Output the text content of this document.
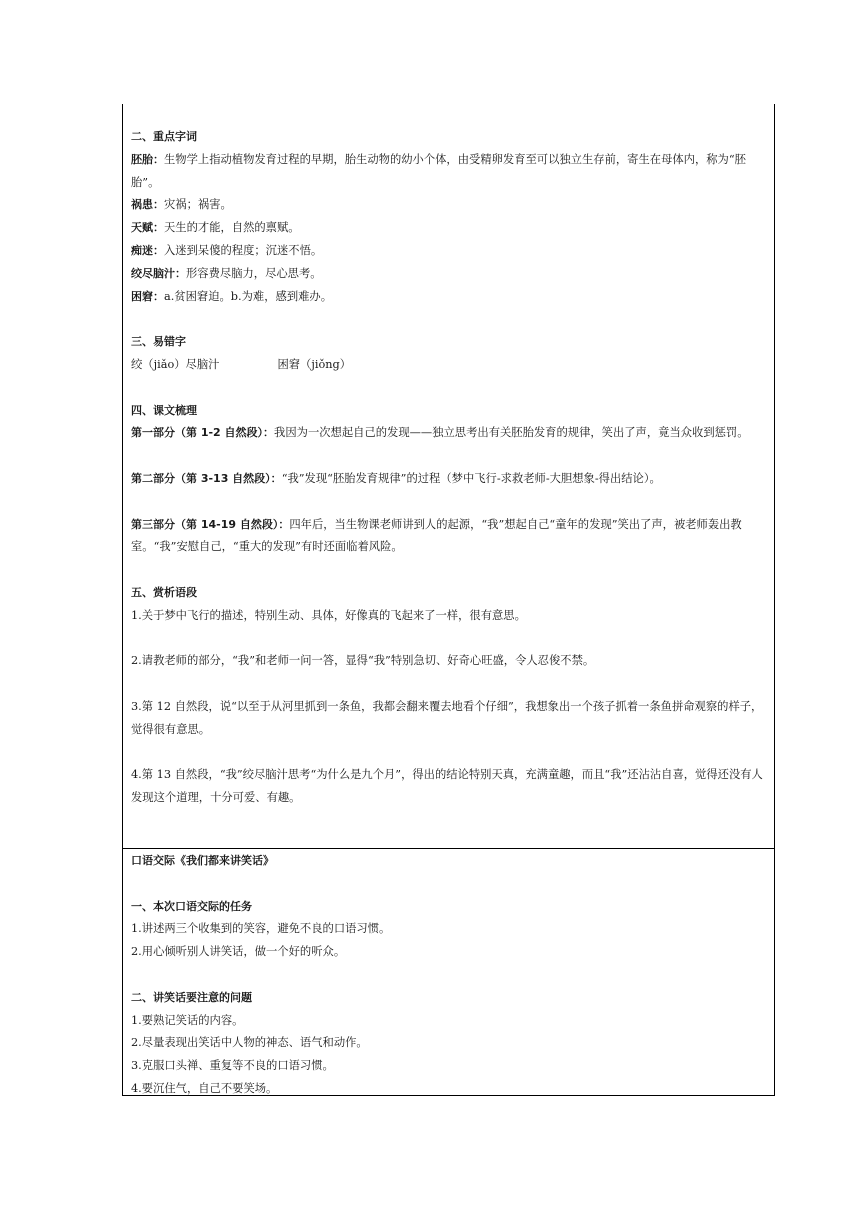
二、重点字词

胚胎：生物学上指动植物发育过程的早期，胎生动物的幼小个体，由受精卵发育至可以独立生存前，寄生在母体内，称为“胚胎”。

祸患：灾祸；祸害。

天赋：天生的才能，自然的禀赋。

痴迷：入迷到呆傻的程度；沉迷不悟。

绞尽脑汁：形容费尽脑力，尽心思考。

困窘：a.贫困窘迫。b.为难，感到难办。

三、易错字

绞（jiǎo）尽脑汁	困窘（jiǒng）

四、课文梳理

第一部分（第 1-2 自然段）：我因为一次想起自己的发现——独立思考出有关胚胎发育的规律，笑出了声，竟当众收到惩罚。

第二部分（第 3-13 自然段）：“我”发现“胚胎发育规律”的过程（梦中飞行-求救老师-大胆想象-得出结论）。

第三部分（第 14-19 自然段）：四年后，当生物课老师讲到人的起源，“我”想起自己“童年的发现”笑出了声，被老师轰出教室。“我”安慰自己，“重大的发现”有时还面临着风险。

五、赏析语段

1.关于梦中飞行的描述，特别生动、具体，好像真的飞起来了一样，很有意思。

2.请教老师的部分，“我”和老师一问一答，显得“我”特别急切、好奇心旺盛，令人忍俊不禁。

3.第 12 自然段，说“以至于从河里抓到一条鱼，我都会翻来覆去地看个仔细”，我想象出一个孩子抓着一条鱼拼命观察的样子，觉得很有意思。

4.第 13 自然段，“我”绞尽脑汁思考“为什么是九个月”，得出的结论特别天真，充满童趣，而且“我”还沾沾自喜，觉得还没有人发现这个道理，十分可爱、有趣。

口语交际《我们都来讲笑话》

一、本次口语交际的任务

1.讲述两三个收集到的笑容，避免不良的口语习惯。

2.用心倾听别人讲笑话，做一个好的听众。

二、讲笑话要注意的问题

1.要熟记笑话的内容。

2.尽量表现出笑话中人物的神态、语气和动作。

3.克服口头禅、重复等不良的口语习惯。

4.要沉住气，自己不要笑场。
